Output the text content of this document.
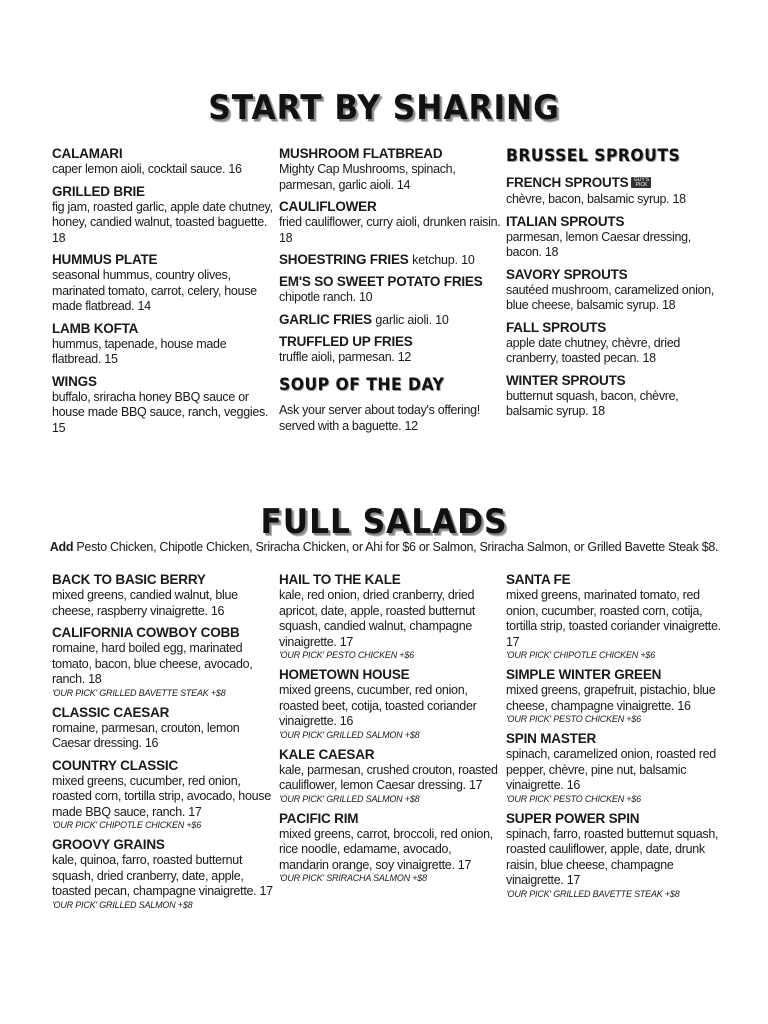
START BY SHARING
CALAMARI
caper lemon aioli, cocktail sauce. 16
GRILLED BRIE
fig jam, roasted garlic, apple date chutney, honey, candied walnut, toasted baguette. 18
HUMMUS PLATE
seasonal hummus, country olives, marinated tomato, carrot, celery, house made flatbread. 14
LAMB KOFTA
hummus, tapenade, house made flatbread. 15
WINGS
buffalo, sriracha honey BBQ sauce or house made BBQ sauce, ranch, veggies. 15
MUSHROOM FLATBREAD
Mighty Cap Mushrooms, spinach, parmesan, garlic aioli. 14
CAULIFLOWER
fried cauliflower, curry aioli, drunken raisin. 18
SHOESTRING FRIES ketchup. 10
EM'S SO SWEET POTATO FRIES
chipotle ranch. 10
GARLIC FRIES garlic aioli. 10
TRUFFLED UP FRIES
truffle aioli, parmesan. 12
SOUP OF THE DAY
Ask your server about today's offering! served with a baguette. 12
BRUSSEL SPROUTS
FRENCH SPROUTS GUY'S PICK
chèvre, bacon, balsamic syrup. 18
ITALIAN SPROUTS
parmesan, lemon Caesar dressing, bacon. 18
SAVORY SPROUTS
sautéed mushroom, caramelized onion, blue cheese, balsamic syrup. 18
FALL SPROUTS
apple date chutney, chèvre, dried cranberry, toasted pecan. 18
WINTER SPROUTS
butternut squash, bacon, chèvre, balsamic syrup. 18
FULL SALADS
Add Pesto Chicken, Chipotle Chicken, Sriracha Chicken, or Ahi for $6 or Salmon, Sriracha Salmon, or Grilled Bavette Steak $8.
BACK TO BASIC BERRY
mixed greens, candied walnut, blue cheese, raspberry vinaigrette. 16
CALIFORNIA COWBOY COBB
romaine, hard boiled egg, marinated tomato, bacon, blue cheese, avocado, ranch. 18
'OUR PICK' GRILLED BAVETTE STEAK +$8
CLASSIC CAESAR
romaine, parmesan, crouton, lemon Caesar dressing. 16
COUNTRY CLASSIC
mixed greens, cucumber, red onion, roasted corn, tortilla strip, avocado, house made BBQ sauce, ranch. 17
'OUR PICK' CHIPOTLE CHICKEN +$6
GROOVY GRAINS
kale, quinoa, farro, roasted butternut squash, dried cranberry, date, apple, toasted pecan, champagne vinaigrette. 17
'OUR PICK' GRILLED SALMON +$8
HAIL TO THE KALE
kale, red onion, dried cranberry, dried apricot, date, apple, roasted butternut squash, candied walnut, champagne vinaigrette. 17
'OUR PICK' PESTO CHICKEN +$6
HOMETOWN HOUSE
mixed greens, cucumber, red onion, roasted beet, cotija, toasted coriander vinaigrette. 16
'OUR PICK' GRILLED SALMON +$8
KALE CAESAR
kale, parmesan, crushed crouton, roasted cauliflower, lemon Caesar dressing. 17
'OUR PICK' GRILLED SALMON +$8
PACIFIC RIM
mixed greens, carrot, broccoli, red onion, rice noodle, edamame, avocado, mandarin orange, soy vinaigrette. 17
'OUR PICK' SRIRACHA SALMON +$8
SANTA FE
mixed greens, marinated tomato, red onion, cucumber, roasted corn, cotija, tortilla strip, toasted coriander vinaigrette. 17
'OUR PICK' CHIPOTLE CHICKEN +$6
SIMPLE WINTER GREEN
mixed greens, grapefruit, pistachio, blue cheese, champagne vinaigrette. 16
'OUR PICK' PESTO CHICKEN +$6
SPIN MASTER
spinach, caramelized onion, roasted red pepper, chèvre, pine nut, balsamic vinaigrette. 16
'OUR PICK' PESTO CHICKEN +$6
SUPER POWER SPIN
spinach, farro, roasted butternut squash, roasted cauliflower, apple, date, drunk raisin, blue cheese, champagne vinaigrette. 17
'OUR PICK' GRILLED BAVETTE STEAK +$8
